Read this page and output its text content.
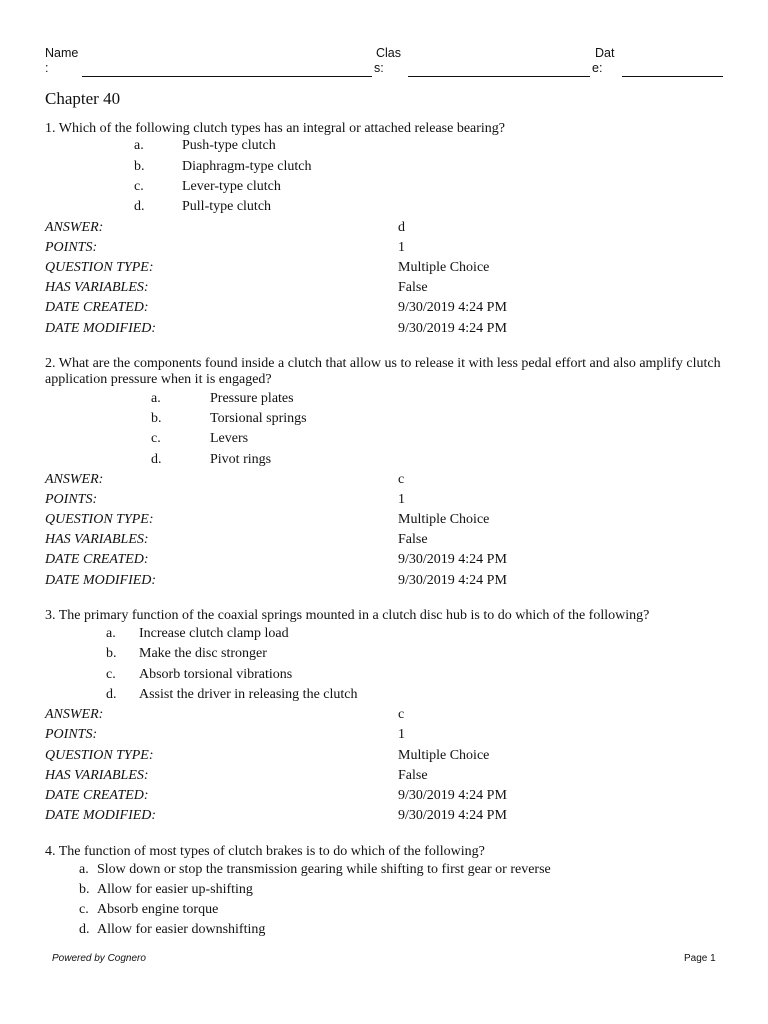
Name
:
Clas
s:
Dat
e:
Chapter 40
1. Which of the following clutch types has an integral or attached release bearing?
a.	Push-type clutch
b.	Diaphragm-type clutch
c.	Lever-type clutch
d.	Pull-type clutch
ANSWER:	d
POINTS:	1
QUESTION TYPE:	Multiple Choice
HAS VARIABLES:	False
DATE CREATED:	9/30/2019 4:24 PM
DATE MODIFIED:	9/30/2019 4:24 PM
2. What are the components found inside a clutch that allow us to release it with less pedal effort and also amplify clutch application pressure when it is engaged?
a.	Pressure plates
b.	Torsional springs
c.	Levers
d.	Pivot rings
ANSWER:	c
POINTS:	1
QUESTION TYPE:	Multiple Choice
HAS VARIABLES:	False
DATE CREATED:	9/30/2019 4:24 PM
DATE MODIFIED:	9/30/2019 4:24 PM
3. The primary function of the coaxial springs mounted in a clutch disc hub is to do which of the following?
a. Increase clutch clamp load
b. Make the disc stronger
c. Absorb torsional vibrations
d. Assist the driver in releasing the clutch
ANSWER:	c
POINTS:	1
QUESTION TYPE:	Multiple Choice
HAS VARIABLES:	False
DATE CREATED:	9/30/2019 4:24 PM
DATE MODIFIED:	9/30/2019 4:24 PM
4. The function of most types of clutch brakes is to do which of the following?
a. Slow down or stop the transmission gearing while shifting to first gear or reverse
b. Allow for easier up-shifting
c. Absorb engine torque
d. Allow for easier downshifting
Powered by Cognero	Page 1
